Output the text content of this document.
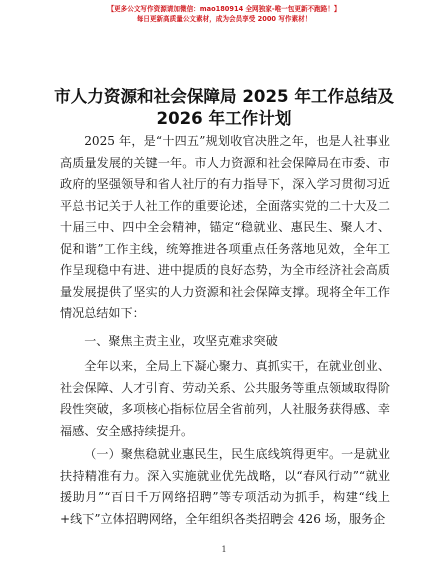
【更多公文写作资源请加微信：mao180914 全网独家-唯一包更新不跑路！】
每日更新高质量公文素材，成为会员享受 2000 写作素材！
市人力资源和社会保障局 2025 年工作总结及
2026 年工作计划

2025 年，是“十四五”规划收官决胜之年，也是人社事业高质量发展的关键一年。市人力资源和社会保障局在市委、市政府的坚强领导和省人社厅的有力指导下，深入学习贯彻习近平总书记关于人社工作的重要论述，全面落实党的二十大及二十届三中、四中全会精神，锚定“稳就业、惠民生、聚人才、促和谐”工作主线，统筹推进各项重点任务落地见效，全年工作呈现稳中有进、进中提质的良好态势，为全市经济社会高质量发展提供了坚实的人力资源和社会保障支撑。现将全年工作情况总结如下：

一、聚焦主责主业，攻坚克难求突破

全年以来，全局上下凝心聚力、真抓实干，在就业创业、社会保障、人才引育、劳动关系、公共服务等重点领域取得阶段性突破，多项核心指标位居全省前列，人社服务获得感、幸福感、安全感持续提升。

（一）聚焦稳就业惠民生，民生底线筑得更牢。一是就业扶持精准有力。深入实施就业优先战略，以“春风行动”“就业援助月”“百日千万网络招聘”等专项活动为抓手，构建“线上+线下”立体招聘网络，全年组织各类招聘会 426 场，服务企

1
